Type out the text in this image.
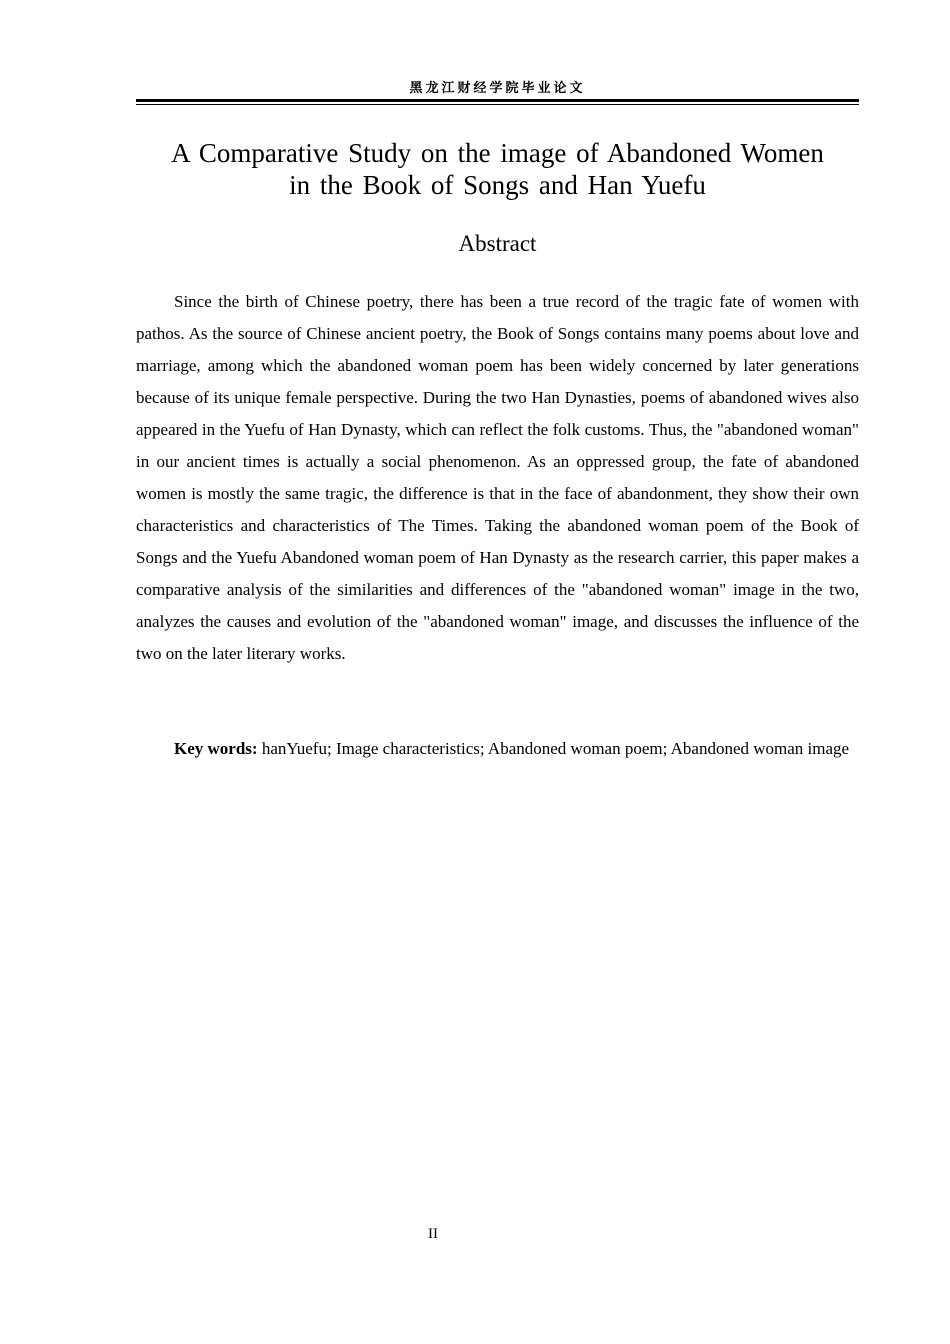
黑龙江财经学院毕业论文
A Comparative Study on the image of Abandoned Women
in the Book of Songs and Han Yuefu
Abstract

Since the birth of Chinese poetry, there has been a true record of the tragic fate of women with pathos. As the source of Chinese ancient poetry, the Book of Songs contains many poems about love and marriage, among which the abandoned woman poem has been widely concerned by later generations because of its unique female perspective. During the two Han Dynasties, poems of abandoned wives also appeared in the Yuefu of Han Dynasty, which can reflect the folk customs. Thus, the "abandoned woman" in our ancient times is actually a social phenomenon. As an oppressed group, the fate of abandoned women is mostly the same tragic, the difference is that in the face of abandonment, they show their own characteristics and characteristics of The Times. Taking the abandoned woman poem of the Book of Songs and the Yuefu Abandoned woman poem of Han Dynasty as the research carrier, this paper makes a comparative analysis of the similarities and differences of the "abandoned woman" image in the two, analyzes the causes and evolution of the "abandoned woman" image, and discusses the influence of the two on the later literary works.

Key words: hanYuefu; Image characteristics; Abandoned woman poem; Abandoned woman image

II
